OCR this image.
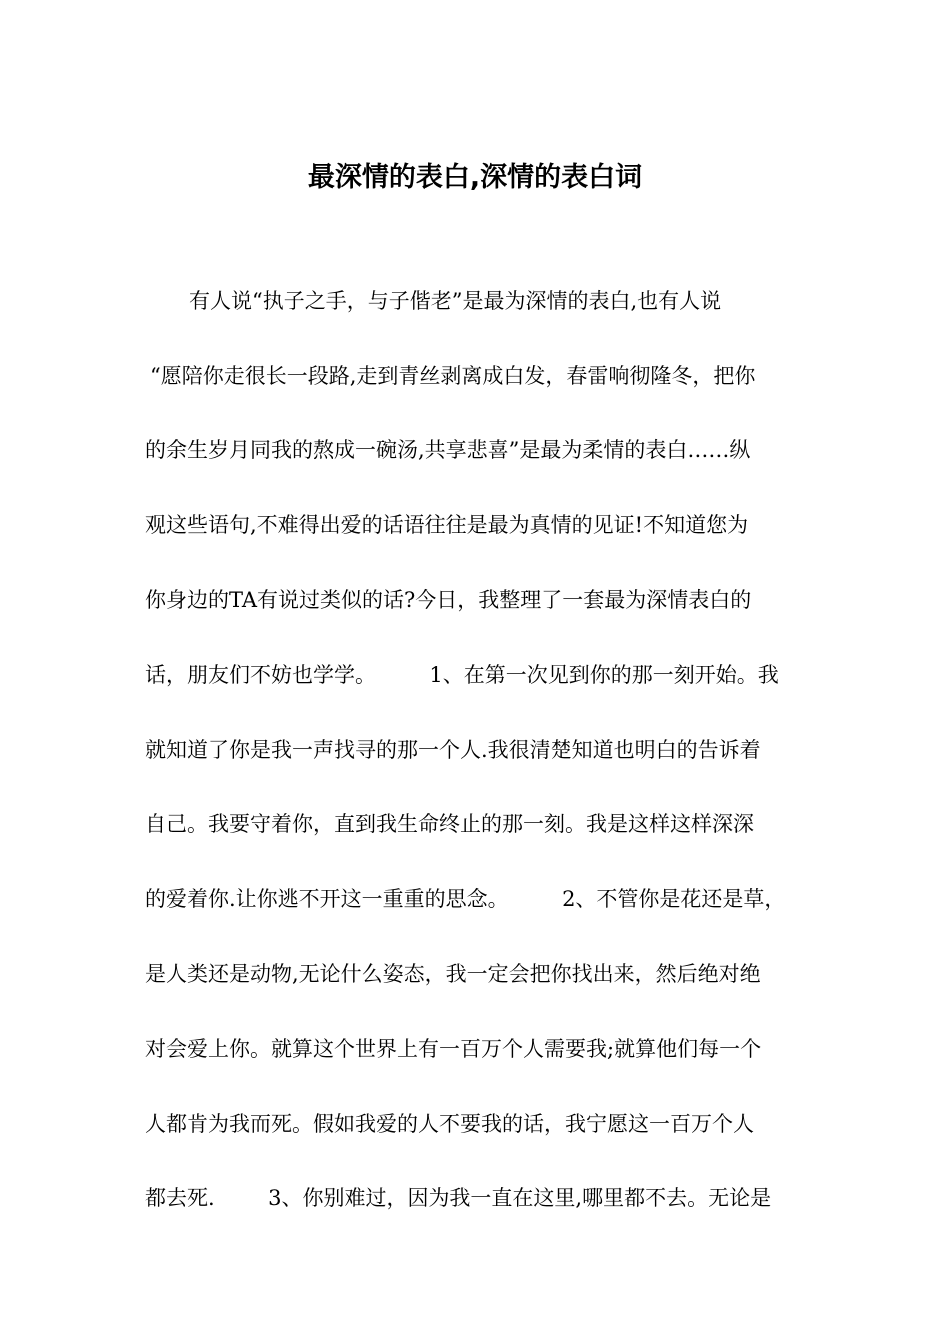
最深情的表白,深情的表白词

有人说“执子之手，与子偕老”是最为深情的表白,也有人说

“愿陪你走很长一段路,走到青丝剥离成白发，春雷响彻隆冬，把你

的余生岁月同我的熬成一碗汤,共享悲喜”是最为柔情的表白……纵

观这些语句,不难得出爱的话语往往是最为真情的见证!不知道您为

你身边的TA有说过类似的话?今日，我整理了一套最为深情表白的

话，朋友们不妨也学学。        1、在第一次见到你的那一刻开始。我

就知道了你是我一声找寻的那一个人.我很清楚知道也明白的告诉着

自己。我要守着你，直到我生命终止的那一刻。我是这样这样深深

的爱着你.让你逃不开这一重重的思念。        2、不管你是花还是草，

是人类还是动物,无论什么姿态，我一定会把你找出来，然后绝对绝

对会爱上你。就算这个世界上有一百万个人需要我;就算他们每一个

人都肯为我而死。假如我爱的人不要我的话，我宁愿这一百万个人

都去死.        3、你别难过，因为我一直在这里,哪里都不去。无论是
